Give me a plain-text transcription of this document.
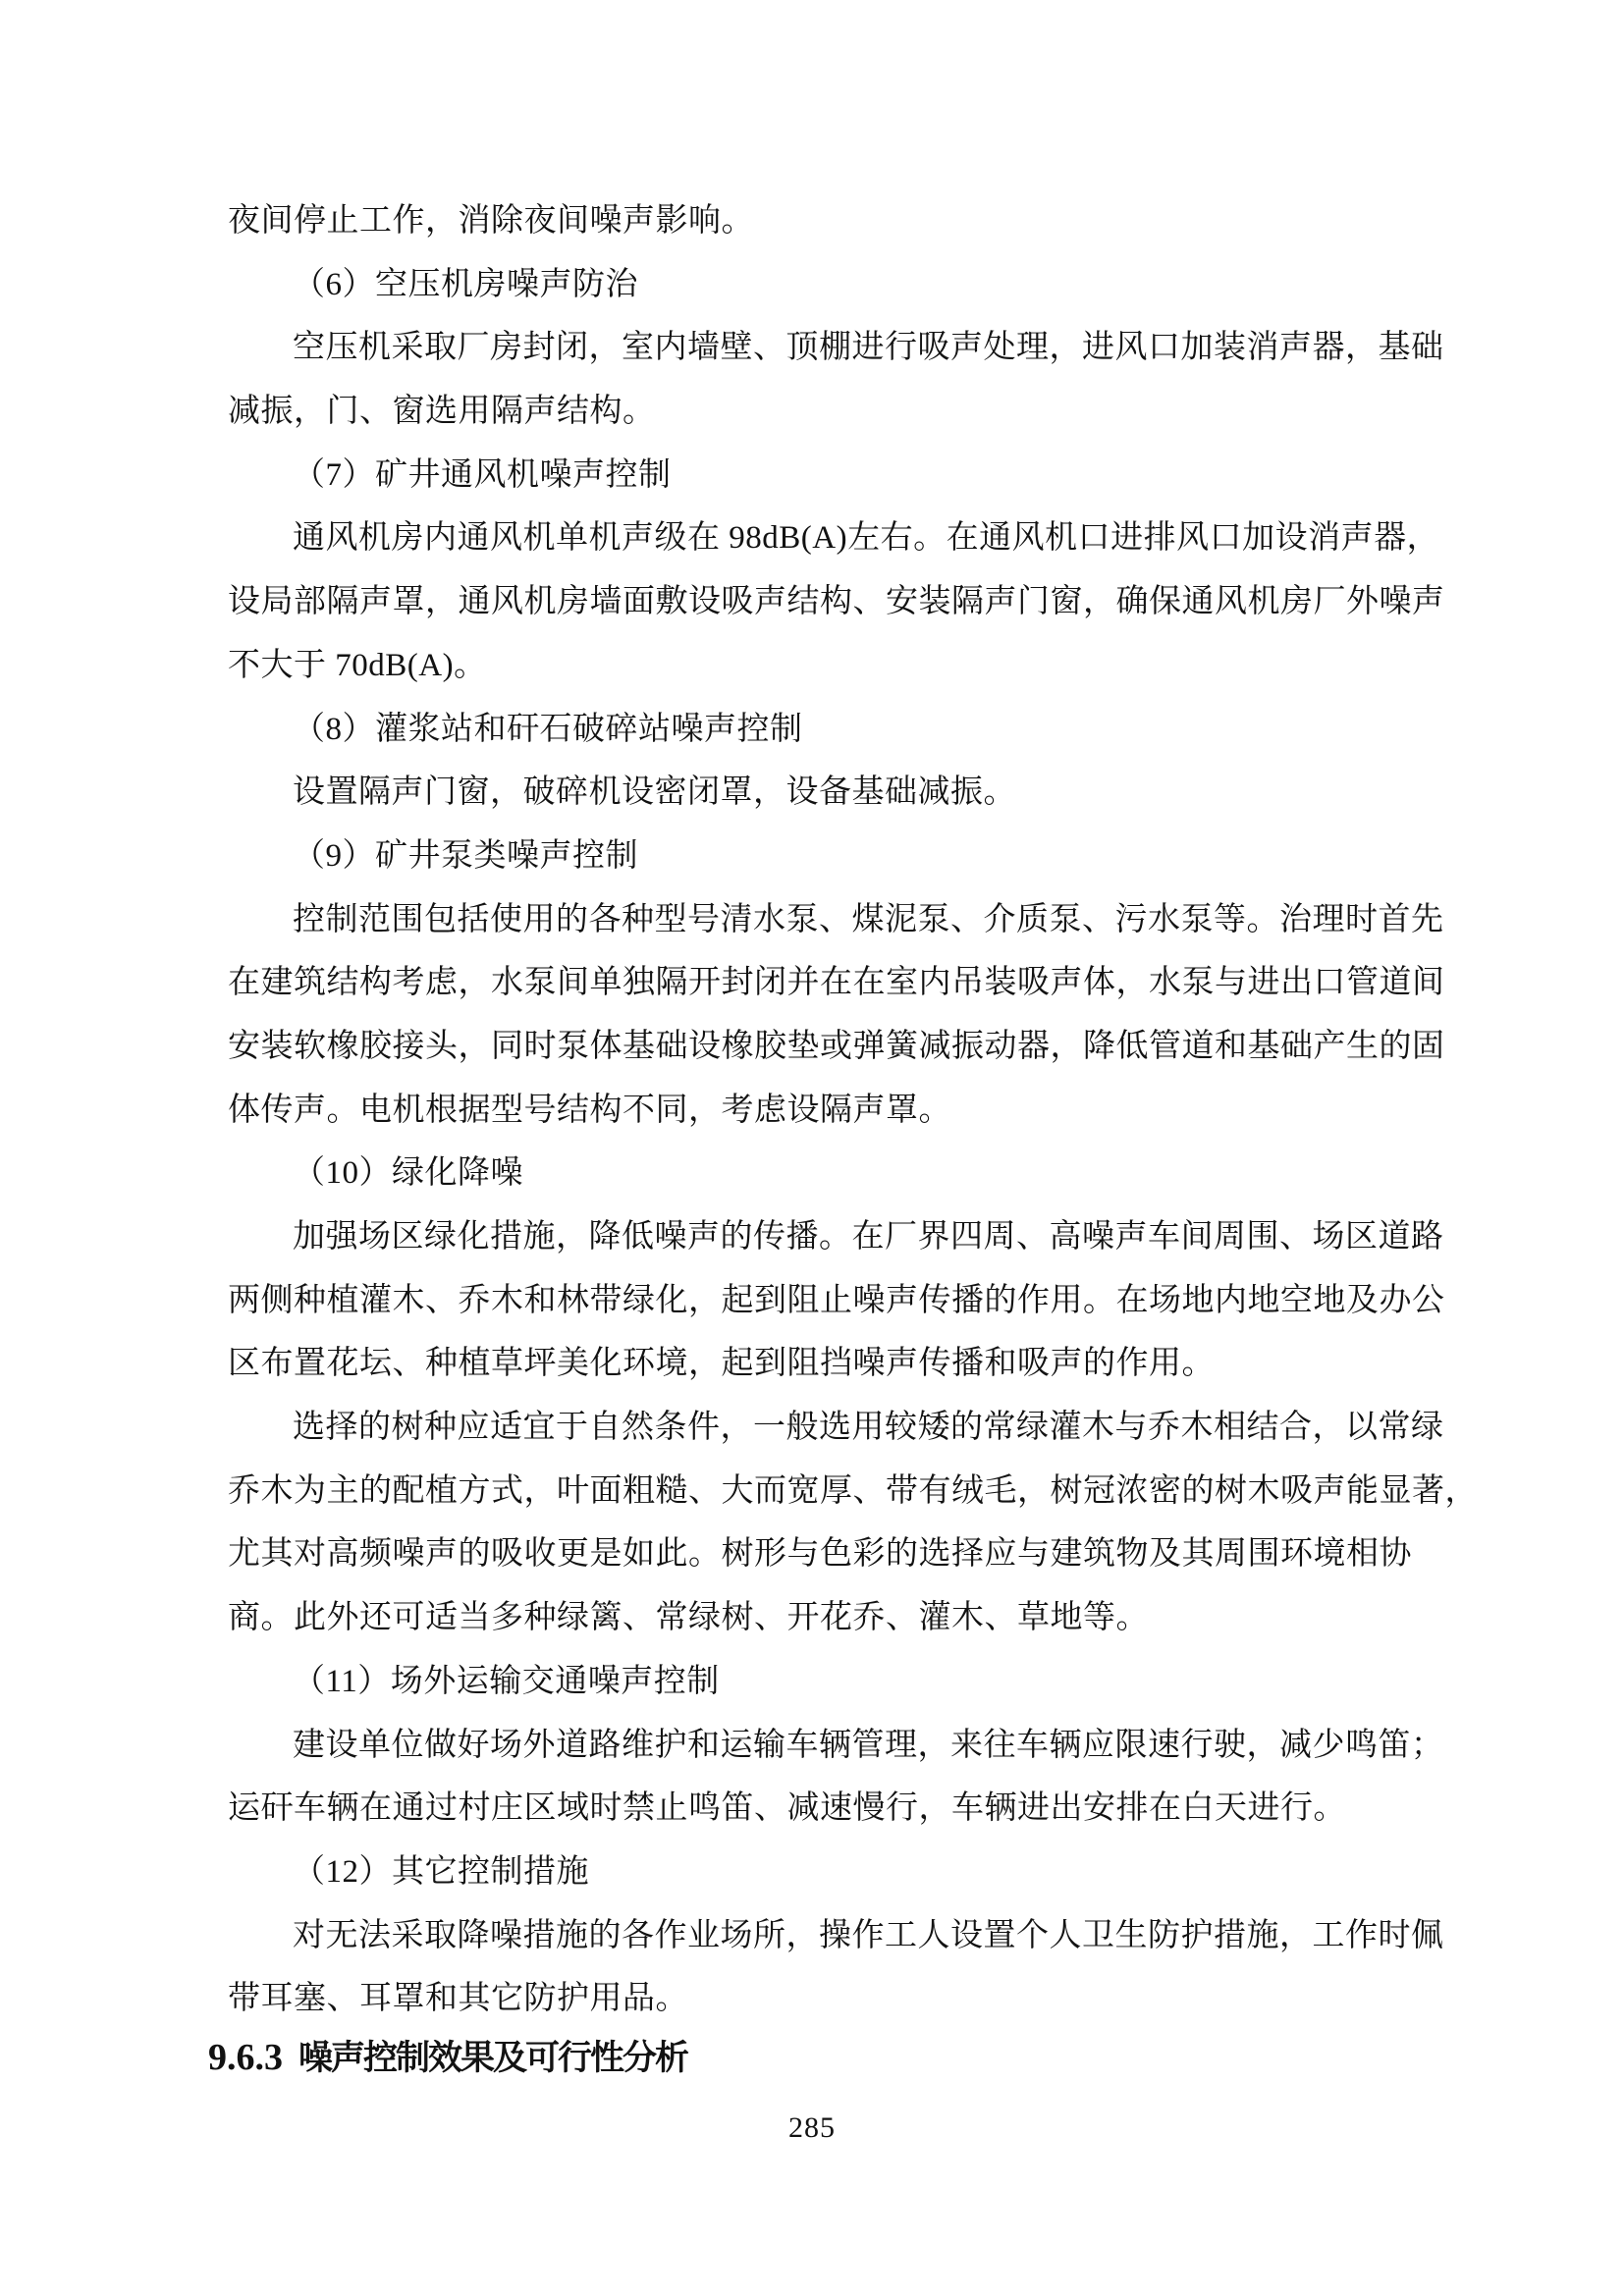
夜间停止工作，消除夜间噪声影响。
（6）空压机房噪声防治
空压机采取厂房封闭，室内墙壁、顶棚进行吸声处理，进风口加装消声器，基础
减振，门、窗选用隔声结构。
（7）矿井通风机噪声控制
通风机房内通风机单机声级在 98dB(A)左右。在通风机口进排风口加设消声器，
设局部隔声罩，通风机房墙面敷设吸声结构、安装隔声门窗，确保通风机房厂外噪声
不大于 70dB(A)。
（8）灌浆站和矸石破碎站噪声控制
设置隔声门窗，破碎机设密闭罩，设备基础减振。
（9）矿井泵类噪声控制
控制范围包括使用的各种型号清水泵、煤泥泵、介质泵、污水泵等。治理时首先
在建筑结构考虑，水泵间单独隔开封闭并在在室内吊装吸声体，水泵与进出口管道间
安装软橡胶接头，同时泵体基础设橡胶垫或弹簧减振动器，降低管道和基础产生的固
体传声。电机根据型号结构不同，考虑设隔声罩。
（10）绿化降噪
加强场区绿化措施，降低噪声的传播。在厂界四周、高噪声车间周围、场区道路
两侧种植灌木、乔木和林带绿化，起到阻止噪声传播的作用。在场地内地空地及办公
区布置花坛、种植草坪美化环境，起到阻挡噪声传播和吸声的作用。
选择的树种应适宜于自然条件，一般选用较矮的常绿灌木与乔木相结合，以常绿
乔木为主的配植方式，叶面粗糙、大而宽厚、带有绒毛，树冠浓密的树木吸声能显著，
尤其对高频噪声的吸收更是如此。树形与色彩的选择应与建筑物及其周围环境相协
商。此外还可适当多种绿篱、常绿树、开花乔、灌木、草地等。
（11）场外运输交通噪声控制
建设单位做好场外道路维护和运输车辆管理，来往车辆应限速行驶，减少鸣笛；
运矸车辆在通过村庄区域时禁止鸣笛、减速慢行，车辆进出安排在白天进行。
（12）其它控制措施
对无法采取降噪措施的各作业场所，操作工人设置个人卫生防护措施，工作时佩
带耳塞、耳罩和其它防护用品。
9.6.3 噪声控制效果及可行性分析
285
